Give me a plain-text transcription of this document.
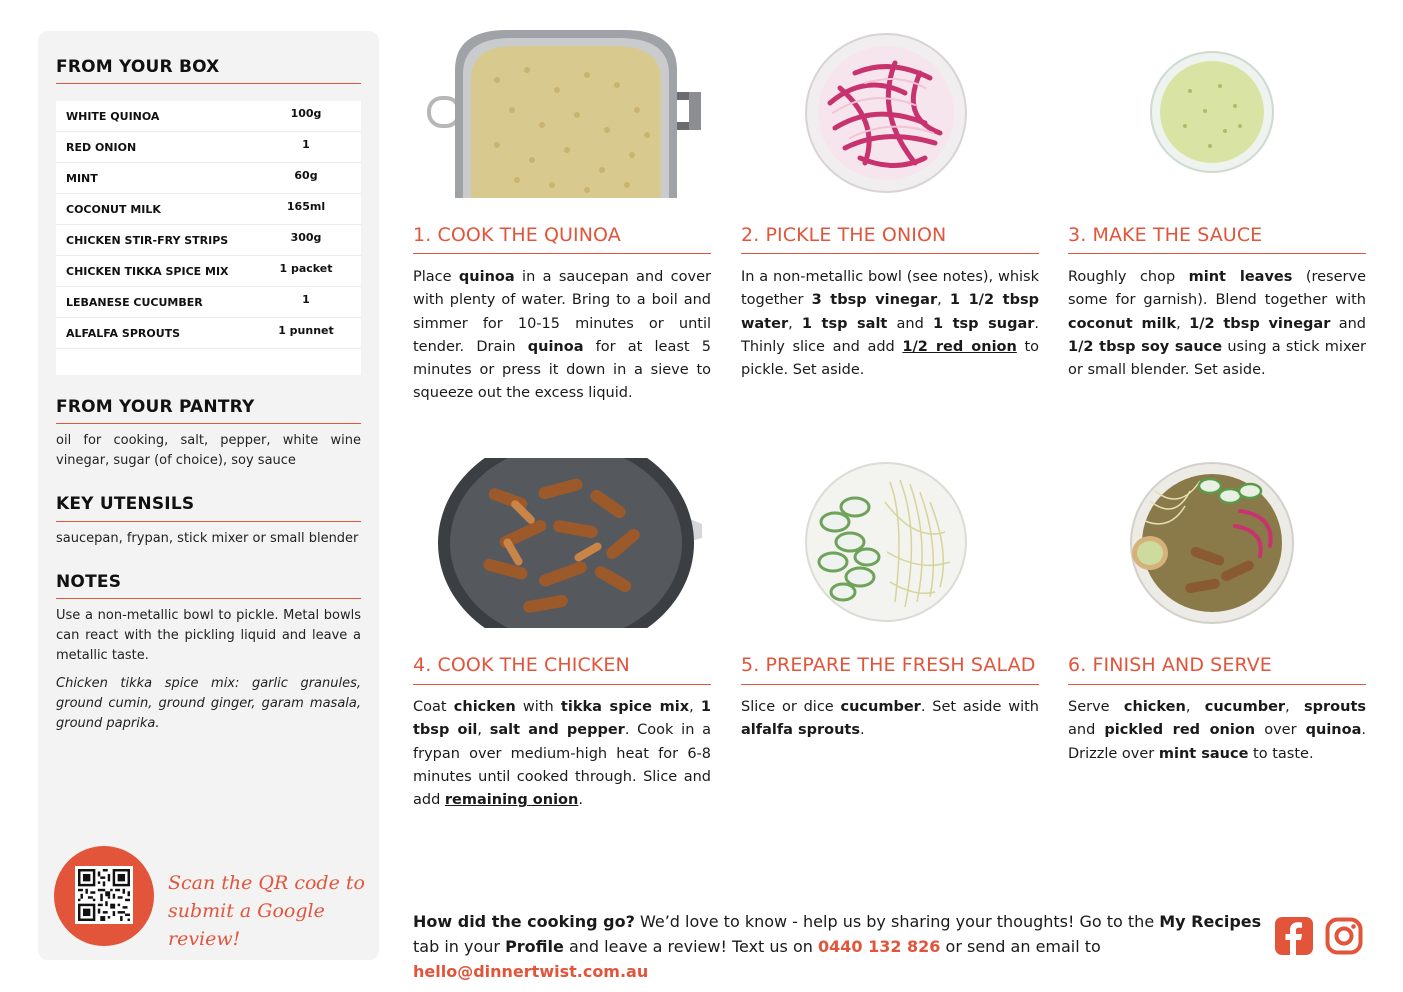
FROM YOUR BOX
WHITE QUINOA	100g
RED ONION	1
MINT	60g
COCONUT MILK	165ml
CHICKEN STIR-FRY STRIPS	300g
CHICKEN TIKKA SPICE MIX	1 packet
LEBANESE CUCUMBER	1
ALFALFA SPROUTS	1 punnet
FROM YOUR PANTRY
oil for cooking, salt, pepper, white wine vinegar, sugar (of choice), soy sauce
KEY UTENSILS
saucepan, frypan, stick mixer or small blender
NOTES
Use a non-metallic bowl to pickle. Metal bowls can react with the pickling liquid and leave a metallic taste.
Chicken tikka spice mix: garlic granules, ground cumin, ground ginger, garam masala, ground paprika.
Scan the QR code to submit a Google review!
1. COOK THE QUINOA
Place quinoa in a saucepan and cover with plenty of water. Bring to a boil and simmer for 10-15 minutes or until tender. Drain quinoa for at least 5 minutes or press it down in a sieve to squeeze out the excess liquid.
2. PICKLE THE ONION
In a non-metallic bowl (see notes), whisk together 3 tbsp vinegar, 1 1/2 tbsp water, 1 tsp salt and 1 tsp sugar. Thinly slice and add 1/2 red onion to pickle. Set aside.
3. MAKE THE SAUCE
Roughly chop mint leaves (reserve some for garnish). Blend together with coconut milk, 1/2 tbsp vinegar and 1/2 tbsp soy sauce using a stick mixer or small blender. Set aside.
4. COOK THE CHICKEN
Coat chicken with tikka spice mix, 1 tbsp oil, salt and pepper. Cook in a frypan over medium-high heat for 6-8 minutes until cooked through. Slice and add remaining onion.
5. PREPARE THE FRESH SALAD
Slice or dice cucumber. Set aside with alfalfa sprouts.
6. FINISH AND SERVE
Serve chicken, cucumber, sprouts and pickled red onion over quinoa. Drizzle over mint sauce to taste.
How did the cooking go? We’d love to know - help us by sharing your thoughts! Go to the My Recipes tab in your Profile and leave a review! Text us on 0440 132 826 or send an email to hello@dinnertwist.com.au
